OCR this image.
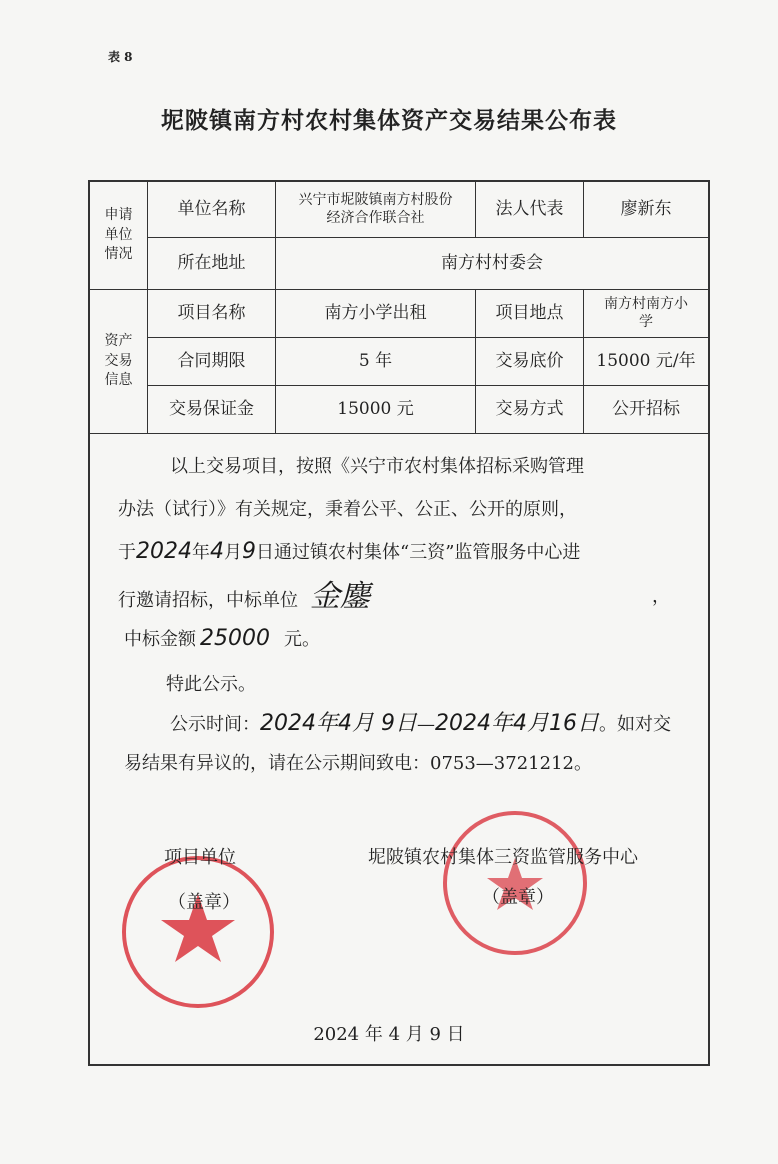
表 8
坭陂镇南方村农村集体资产交易结果公布表
申请
单位
情况
单位名称	兴宁市坭陂镇南方村股份
经济合作联合社	法人代表	廖新东
所在地址	南方村村委会
资产
交易
信息
项目名称	南方小学出租	项目地点	南方村南方小
学
合同期限	5 年	交易底价	15000 元/年
交易保证金	15000 元	交易方式	公开招标
以上交易项目，按照《兴宁市农村集体招标采购管理
办法（试行）》有关规定，秉着公平、公正、公开的原则，
于2024年4月9日通过镇农村集体“三资”监管服务中心进
行邀请招标，中标单位 金鏖	，
中标金额 25000 元。
特此公示。
公示时间：2024年4月 9日—2024年4月16日。如对交
易结果有异议的，请在公示期间致电：0753—3721212。
项目单位
（盖章）
坭陂镇农村集体三资监管服务中心
（盖章）
2024 年 4 月 9 日
